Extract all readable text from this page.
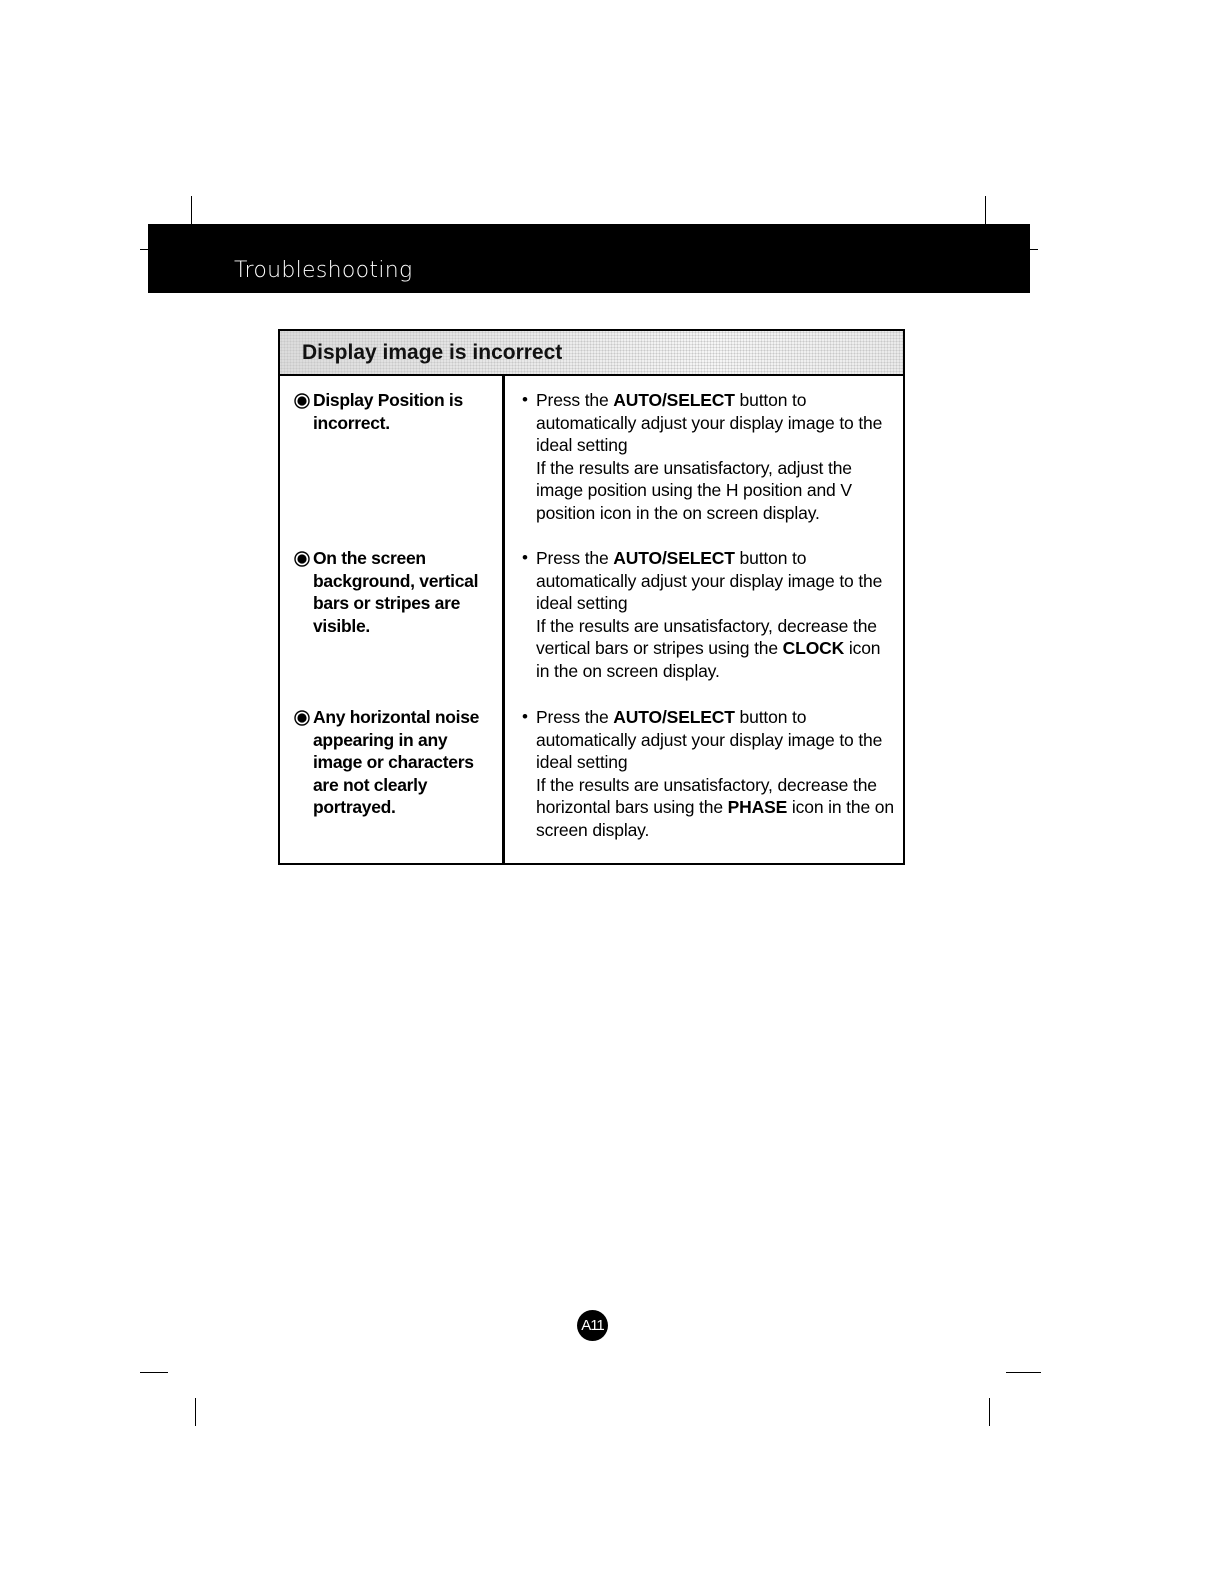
Troubleshooting
Display image is incorrect
Display Position is incorrect.
• Press the AUTO/SELECT button to automatically adjust your display image to the ideal setting
If the results are unsatisfactory, adjust the image position using the H position and V position icon in the on screen display.
On the screen background, vertical bars or stripes are visible.
• Press the AUTO/SELECT button to automatically adjust your display image to the ideal setting
If the results are unsatisfactory, decrease the vertical bars or stripes using the CLOCK icon in the on screen display.
Any horizontal noise appearing in any image or characters are not clearly portrayed.
• Press the AUTO/SELECT button to automatically adjust your display image to the ideal setting
If the results are unsatisfactory, decrease the horizontal bars using the PHASE icon in the on screen display.
A11
